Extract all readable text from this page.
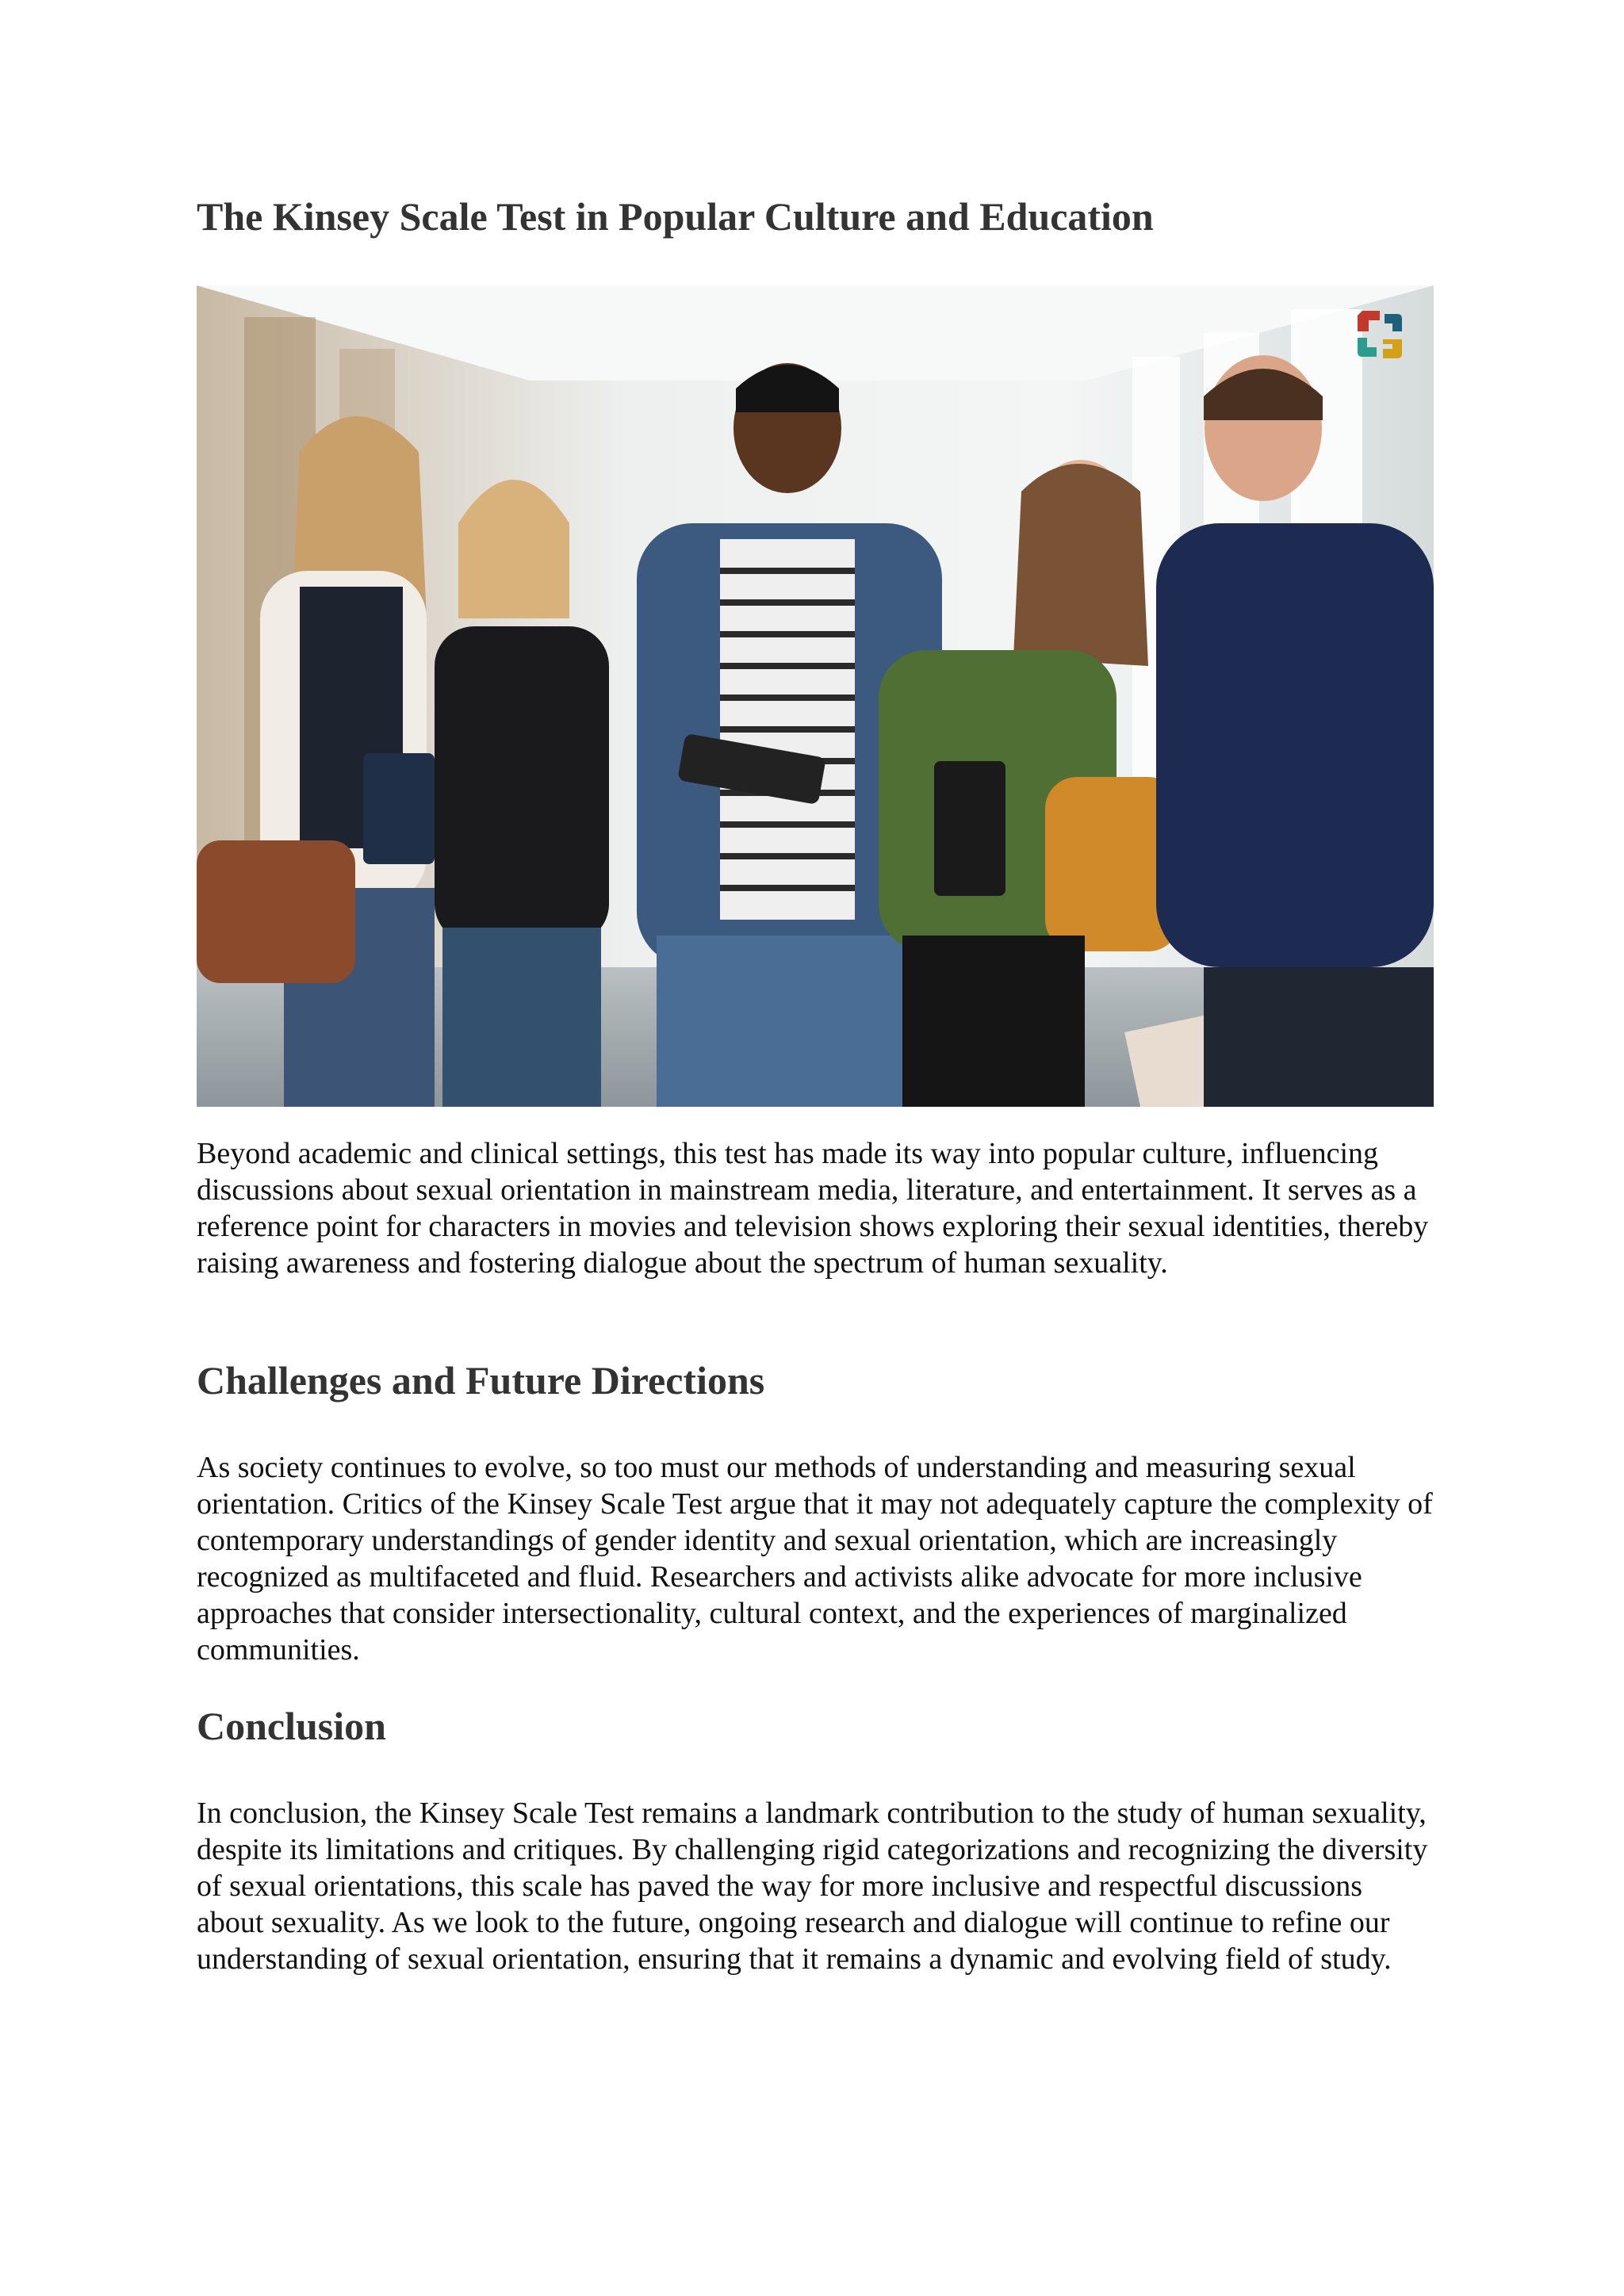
The Kinsey Scale Test in Popular Culture and Education

Beyond academic and clinical settings, this test has made its way into popular culture, influencing discussions about sexual orientation in mainstream media, literature, and entertainment. It serves as a reference point for characters in movies and television shows exploring their sexual identities, thereby raising awareness and fostering dialogue about the spectrum of human sexuality.

Challenges and Future Directions

As society continues to evolve, so too must our methods of understanding and measuring sexual orientation. Critics of the Kinsey Scale Test argue that it may not adequately capture the complexity of contemporary understandings of gender identity and sexual orientation, which are increasingly recognized as multifaceted and fluid. Researchers and activists alike advocate for more inclusive approaches that consider intersectionality, cultural context, and the experiences of marginalized communities.

Conclusion

In conclusion, the Kinsey Scale Test remains a landmark contribution to the study of human sexuality, despite its limitations and critiques. By challenging rigid categorizations and recognizing the diversity of sexual orientations, this scale has paved the way for more inclusive and respectful discussions about sexuality. As we look to the future, ongoing research and dialogue will continue to refine our understanding of sexual orientation, ensuring that it remains a dynamic and evolving field of study.
